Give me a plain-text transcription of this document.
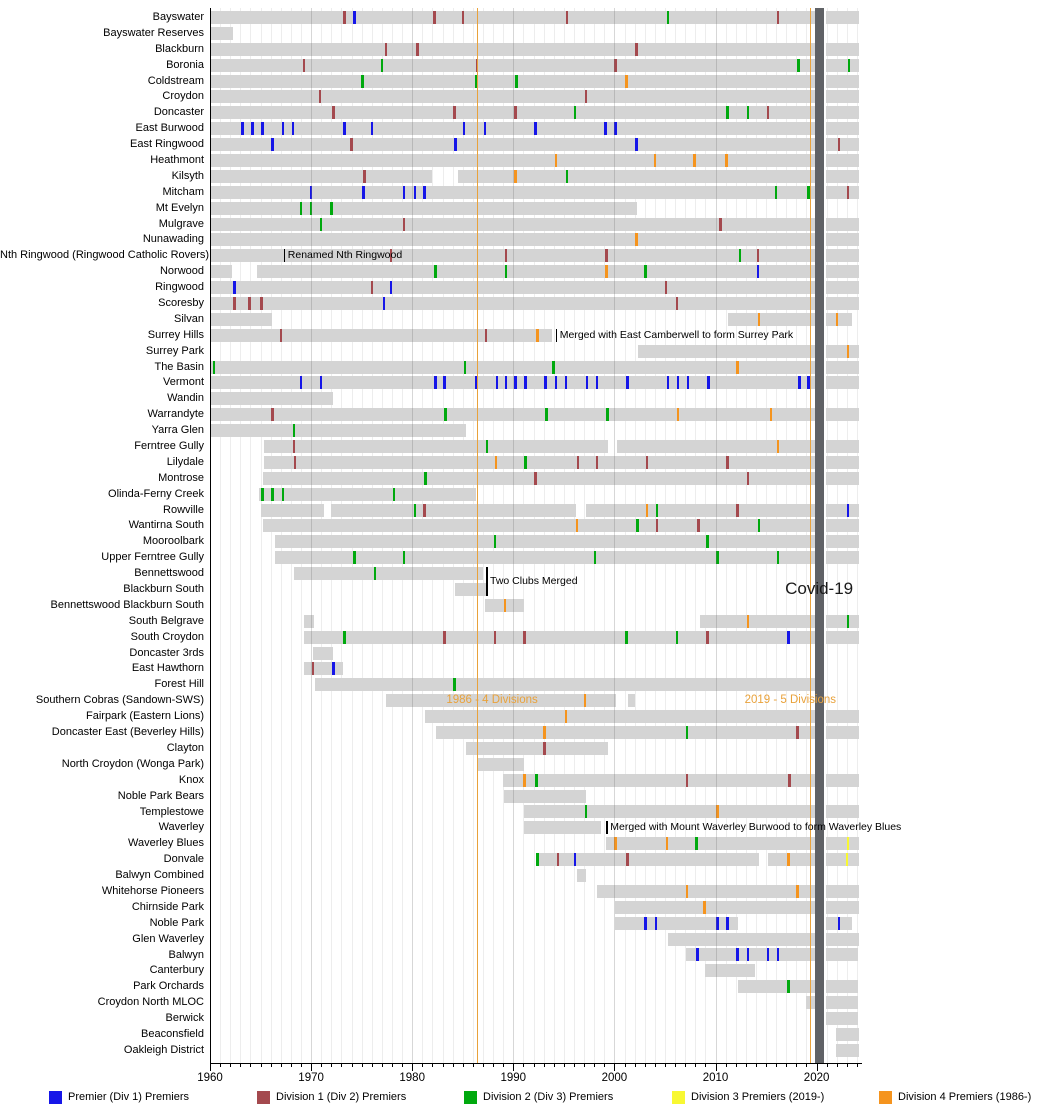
Bayswater
Bayswater Reserves
Blackburn
Boronia
Coldstream
Croydon
Doncaster
East Burwood
East Ringwood
Heathmont
Kilsyth
Mitcham
Mt Evelyn
Mulgrave
Nunawading
Nth Ringwood (Ringwood Catholic Rovers)	Renamed Nth Ringwood
Norwood
Ringwood
Scoresby
Silvan
Surrey Hills	Merged with East Camberwell to form Surrey Park
Surrey Park
The Basin
Vermont
Wandin
Warrandyte
Yarra Glen
Ferntree Gully
Lilydale
Montrose
Olinda-Ferny Creek
Rowville
Wantirna South
Mooroolbark
Upper Ferntree Gully
Bennettswood
Two Clubs Merged
Blackburn South
Bennettswood Blackburn South
South Belgrave
South Croydon
Doncaster 3rds
East Hawthorn
Forest Hill
Southern Cobras (Sandown-SWS)
Fairpark (Eastern Lions)
Doncaster East (Beverley Hills)
Clayton
North Croydon (Wonga Park)
Knox
Noble Park Bears
Templestowe
Waverley	Merged with Mount Waverley Burwood to form Waverley Blues
Waverley Blues
Donvale
Balwyn Combined
Whitehorse Pioneers
Chirnside Park
Noble Park
Glen Waverley
Balwyn
Canterbury
Park Orchards
Croydon North MLOC
Berwick
Beaconsfield
Oakleigh District
1986 - 4 Divisions	2019 - 5 Divisions
Covid-19
1960	1970	1980	1990	2000	2010	2020
Premier (Div 1) Premiers	Division 1 (Div 2) Premiers	Division 2 (Div 3) Premiers	Division 3 Premiers (2019-)	Division 4 Premiers (1986-)
